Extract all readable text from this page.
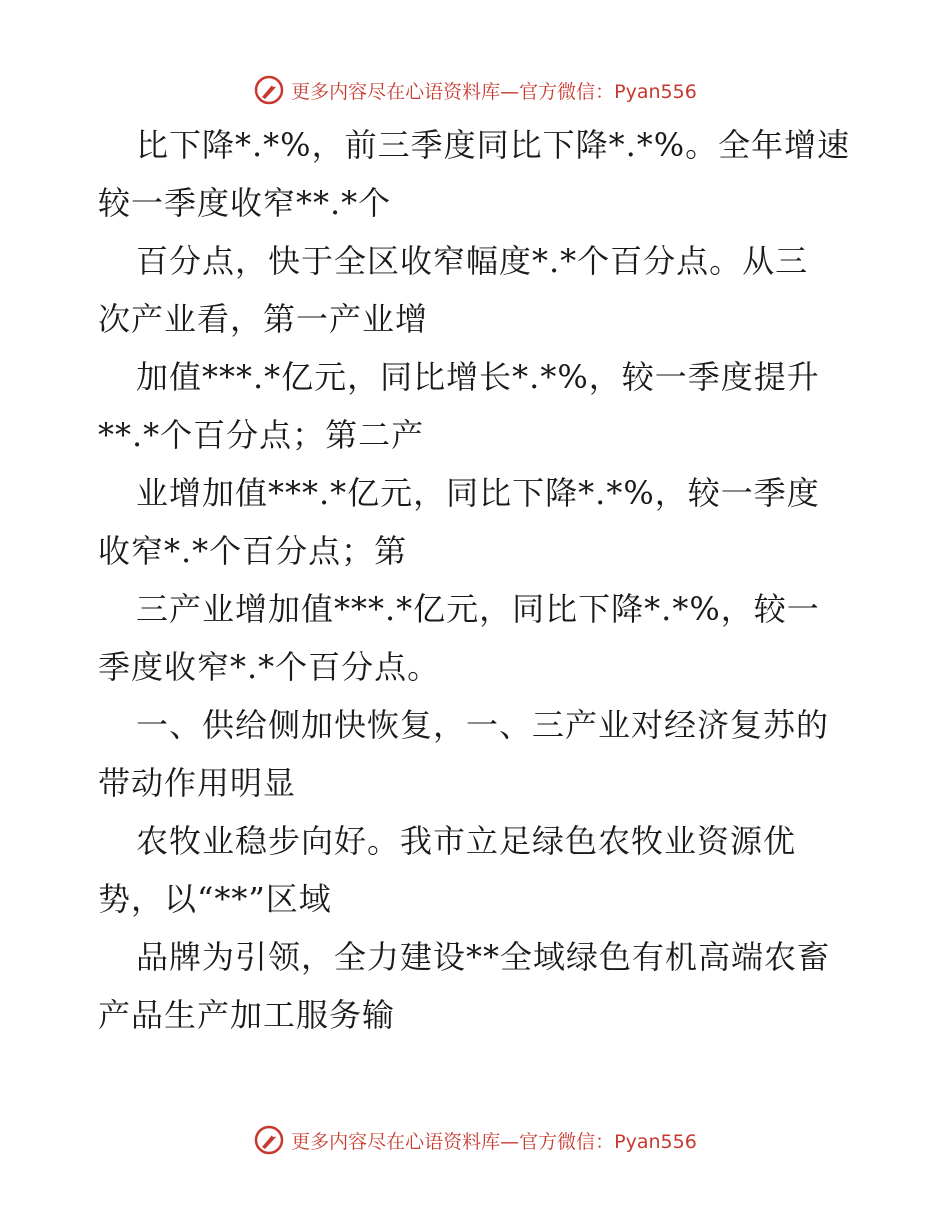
更多内容尽在心语资料库—官方微信：Pyan556
比下降*.*%，前三季度同比下降*.*%。全年增速
较一季度收窄**.*个
百分点，快于全区收窄幅度*.*个百分点。从三
次产业看，第一产业增
加值***.*亿元，同比增长*.*%，较一季度提升
**.*个百分点；第二产
业增加值***.*亿元，同比下降*.*%，较一季度
收窄*.*个百分点；第
三产业增加值***.*亿元，同比下降*.*%，较一
季度收窄*.*个百分点。
一、供给侧加快恢复，一、三产业对经济复苏的
带动作用明显
农牧业稳步向好。我市立足绿色农牧业资源优
势，以“**”区域
品牌为引领，全力建设**全域绿色有机高端农畜
产品生产加工服务输
更多内容尽在心语资料库—官方微信：Pyan556
